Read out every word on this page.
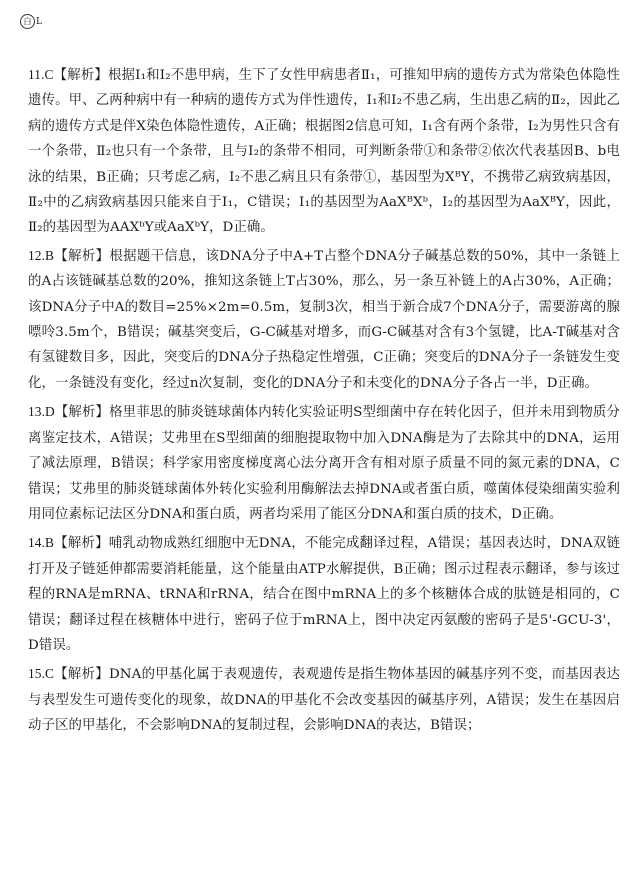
白 L

11.C【解析】根据Ⅰ₁和Ⅰ₂不患甲病，生下了女性甲病患者Ⅱ₁，可推知甲病的遗传方式为常染色体隐性遗传。甲、乙两种病中有一种病的遗传方式为伴性遗传，Ⅰ₁和Ⅰ₂不患乙病，生出患乙病的Ⅱ₂，因此乙病的遗传方式是伴X染色体隐性遗传，A正确；根据图2信息可知，Ⅰ₁含有两个条带，Ⅰ₂为男性只含有一个条带，Ⅱ₂也只有一个条带，且与Ⅰ₂的条带不相同，可判断条带①和条带②依次代表基因B、b电泳的结果，B正确；只考虑乙病，Ⅰ₂不患乙病且只有条带①，基因型为XᴮY，不携带乙病致病基因，Ⅱ₂中的乙病致病基因只能来自于Ⅰ₁，C错误；Ⅰ₁的基因型为AaXᴮXᵇ，Ⅰ₂的基因型为AaXᴮY，因此，Ⅱ₂的基因型为AAXᵇY或AaXᵇY，D正确。

12.B【解析】根据题干信息，该DNA分子中A+T占整个DNA分子碱基总数的50%，其中一条链上的A占该链碱基总数的20%，推知这条链上T占30%，那么，另一条互补链上的A占30%，A正确；该DNA分子中A的数目=25%×2m=0.5m，复制3次，相当于新合成7个DNA分子，需要游离的腺嘌呤3.5m个，B错误；碱基突变后，G-C碱基对增多，而G-C碱基对含有3个氢键，比A-T碱基对含有氢键数目多，因此，突变后的DNA分子热稳定性增强，C正确；突变后的DNA分子一条链发生变化，一条链没有变化，经过n次复制，变化的DNA分子和未变化的DNA分子各占一半，D正确。

13.D【解析】格里菲思的肺炎链球菌体内转化实验证明S型细菌中存在转化因子，但并未用到物质分离鉴定技术，A错误；艾弗里在S型细菌的细胞提取物中加入DNA酶是为了去除其中的DNA，运用了减法原理，B错误；科学家用密度梯度离心法分离开含有相对原子质量不同的氮元素的DNA，C错误；艾弗里的肺炎链球菌体外转化实验利用酶解法去掉DNA或者蛋白质，噬菌体侵染细菌实验利用同位素标记法区分DNA和蛋白质，两者均采用了能区分DNA和蛋白质的技术，D正确。

14.B【解析】哺乳动物成熟红细胞中无DNA，不能完成翻译过程，A错误；基因表达时，DNA双链打开及子链延伸都需要消耗能量，这个能量由ATP水解提供，B正确；图示过程表示翻译，参与该过程的RNA是mRNA、tRNA和rRNA，结合在图中mRNA上的多个核糖体合成的肽链是相同的，C错误；翻译过程在核糖体中进行，密码子位于mRNA上，图中决定丙氨酸的密码子是5'-GCU-3'，D错误。

15.C【解析】DNA的甲基化属于表观遗传，表观遗传是指生物体基因的碱基序列不变，而基因表达与表型发生可遗传变化的现象，故DNA的甲基化不会改变基因的碱基序列，A错误；发生在基因启动子区的甲基化，不会影响DNA的复制过程，会影响DNA的表达，B错误；
